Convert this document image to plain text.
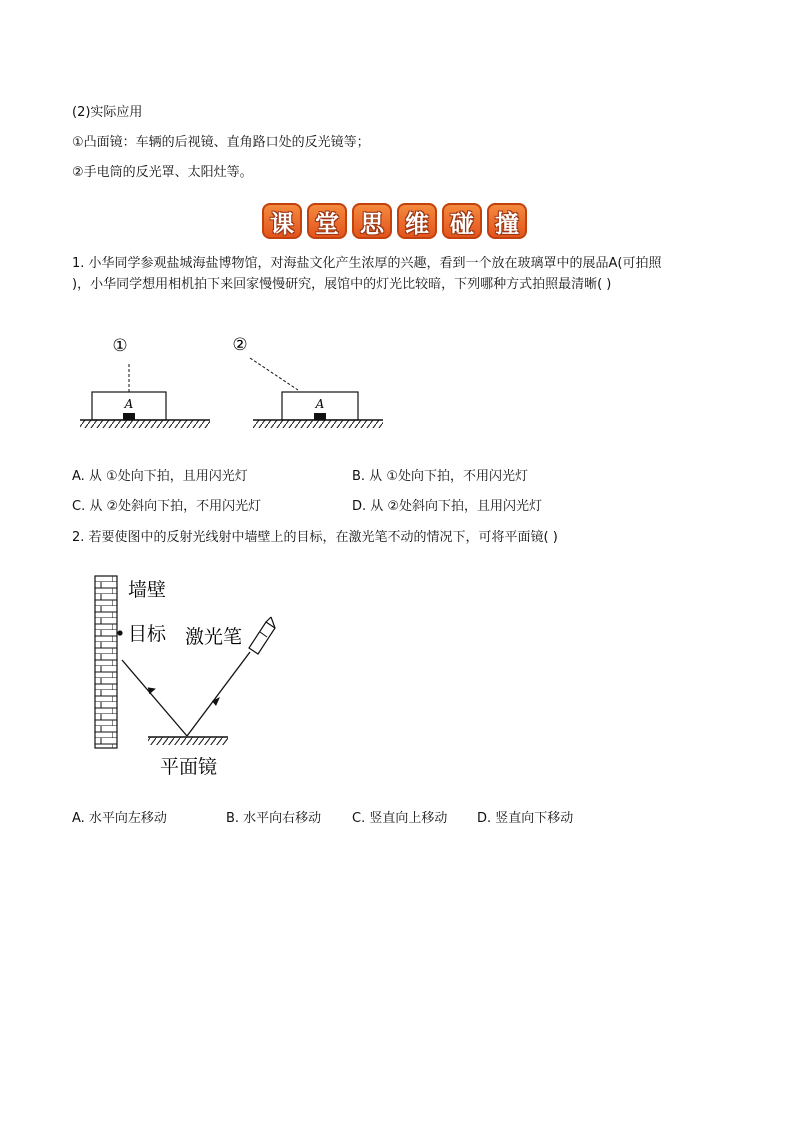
(2)实际应用
①凸面镜：车辆的后视镜、直角路口处的反光镜等；
②手电筒的反光罩、太阳灶等。
课 堂 思 维 碰 撞
1. 小华同学参观盐城海盐博物馆，对海盐文化产生浓厚的兴趣，看到一个放在玻璃罩中的展品A(可拍照
)，小华同学想用相机拍下来回家慢慢研究，展馆中的灯光比较暗，下列哪种方式拍照最清晰( )
①
A
②
A
A. 从 ①处向下拍，且用闪光灯	B. 从 ①处向下拍，不用闪光灯
C. 从 ②处斜向下拍，不用闪光灯	D. 从 ②处斜向下拍，且用闪光灯
2. 若要使图中的反射光线射中墙壁上的目标，在激光笔不动的情况下，可将平面镜( )
墙壁
目标 激光笔
平面镜
A. 水平向左移动	B. 水平向右移动 C. 竖直向上移动 D. 竖直向下移动
